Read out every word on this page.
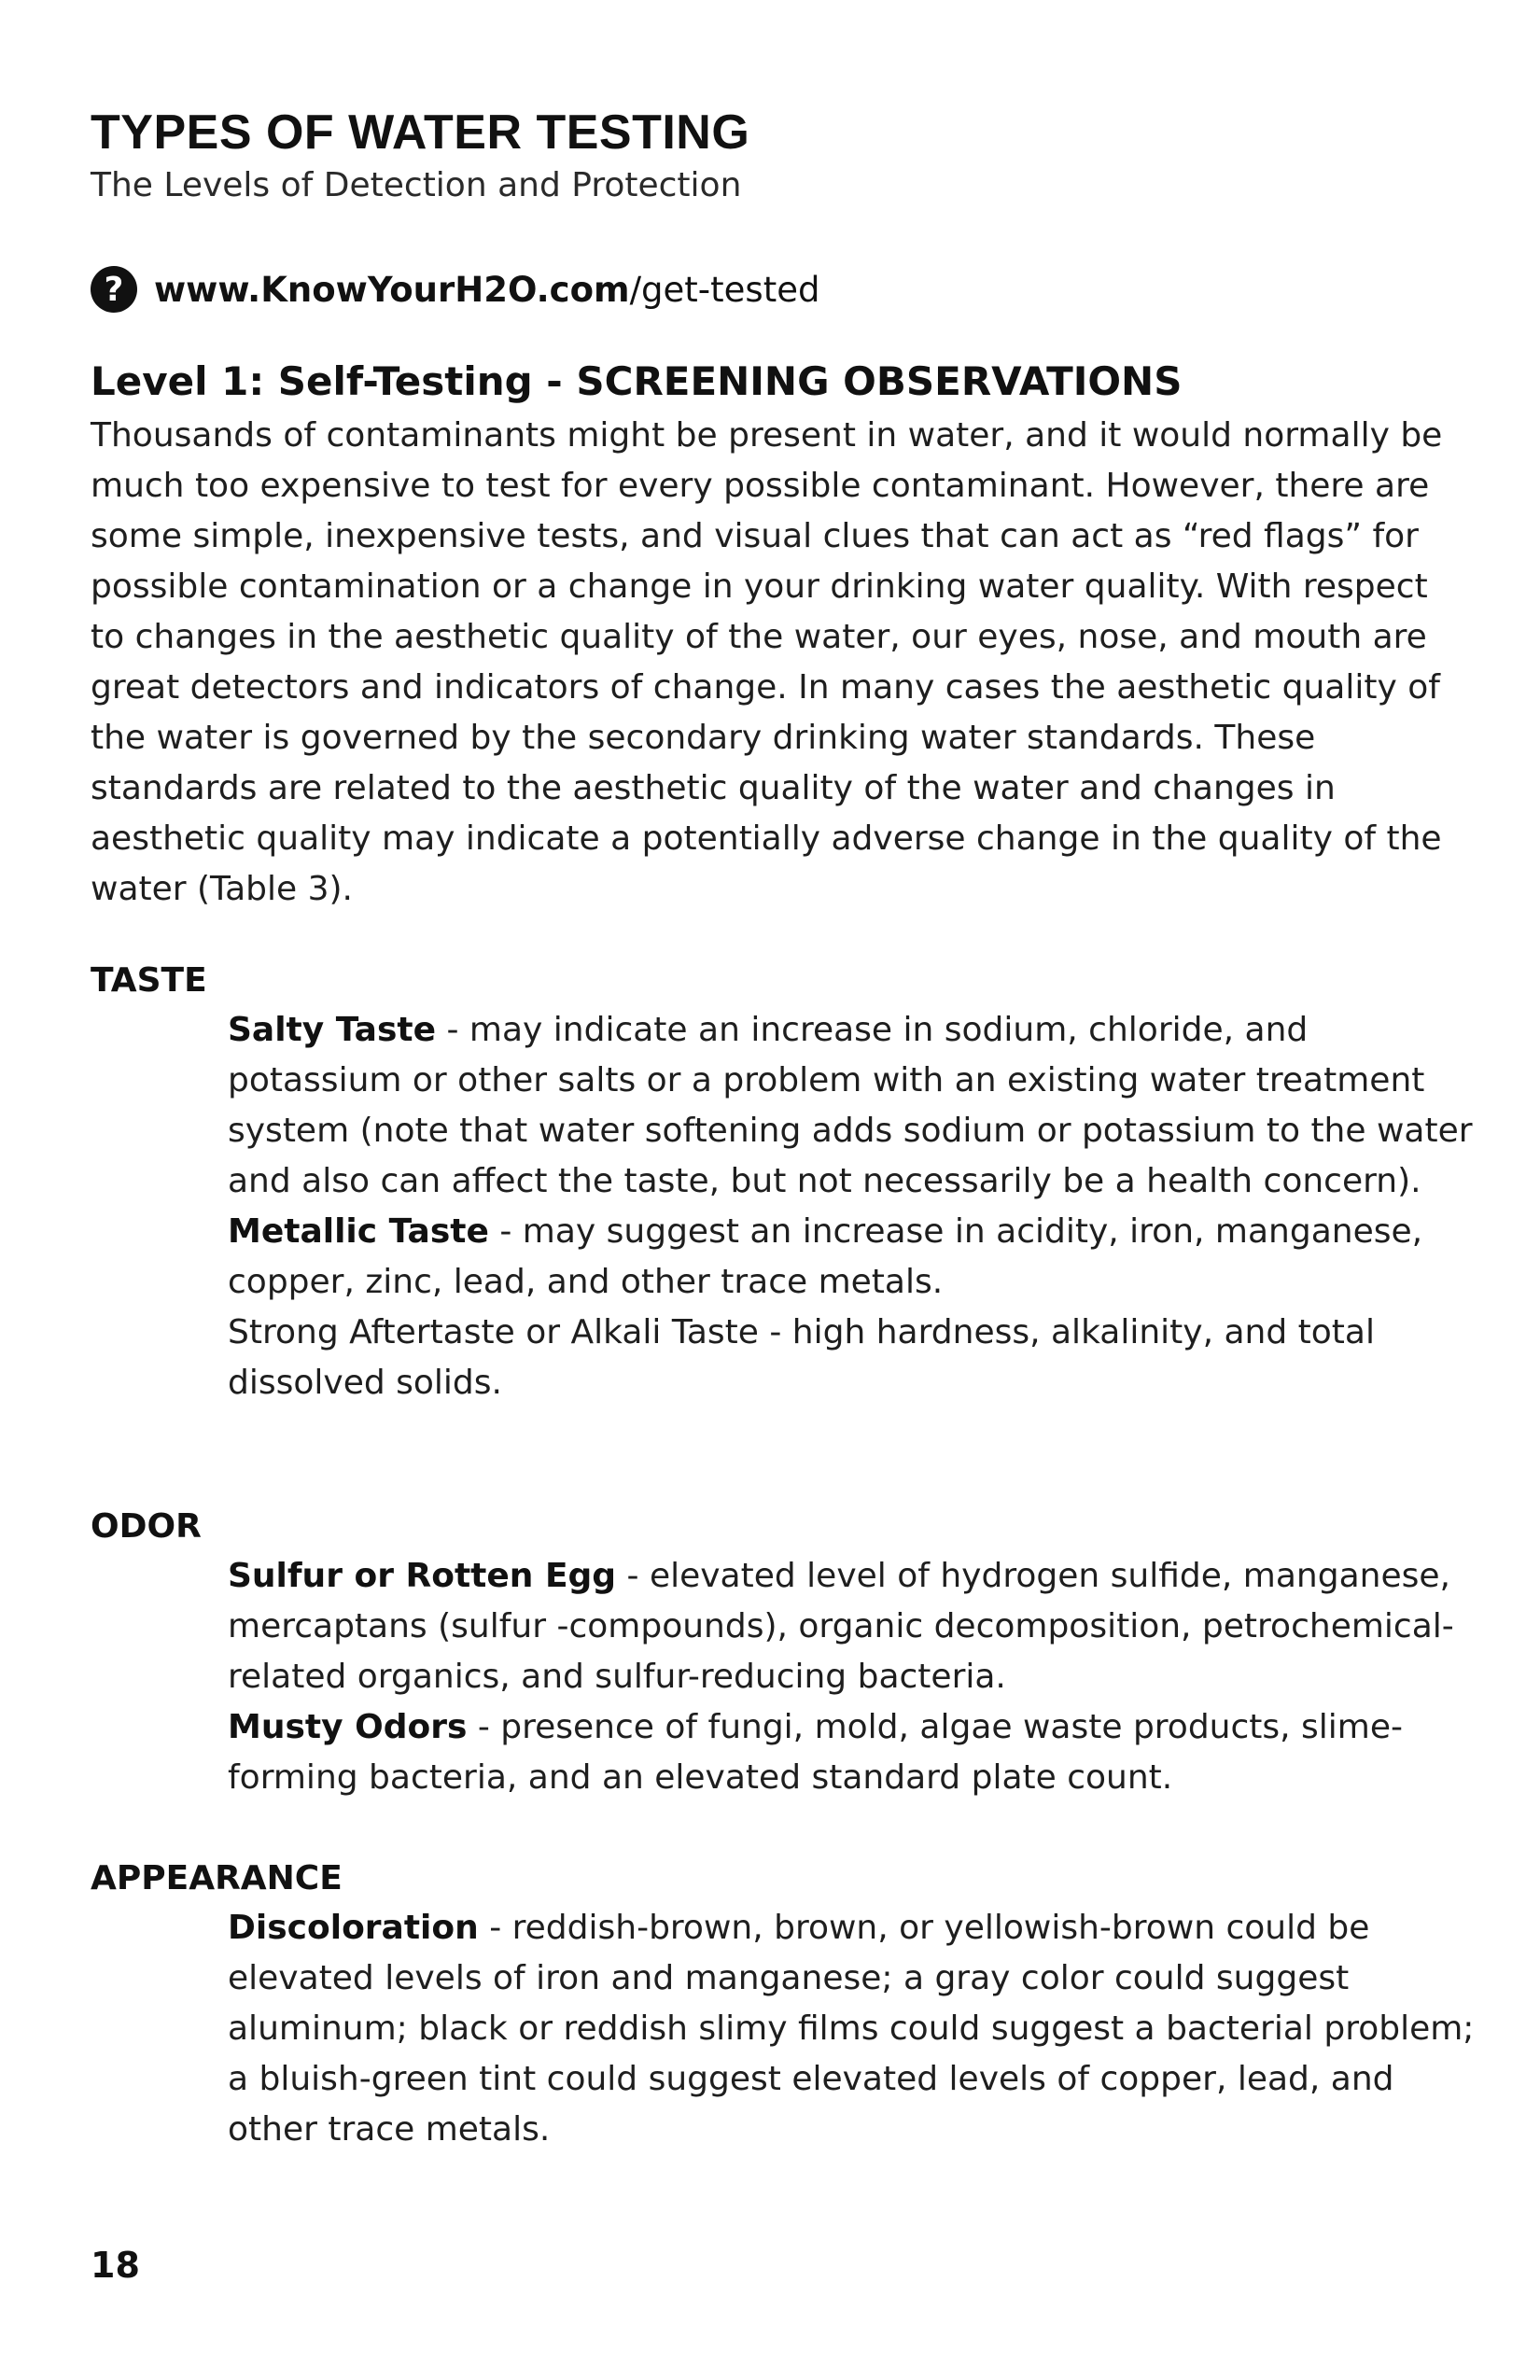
TYPES OF WATER TESTING
The Levels of Detection and Protection
? www.KnowYourH2O.com/get-tested
Level 1: Self-Testing - SCREENING OBSERVATIONS

Thousands of contaminants might be present in water, and it would normally be much too expensive to test for every possible contaminant. However, there are some simple, inexpensive tests, and visual clues that can act as “red flags” for possible contamination or a change in your drinking water quality. With respect to changes in the aesthetic quality of the water, our eyes, nose, and mouth are great detectors and indicators of change. In many cases the aesthetic quality of the water is governed by the secondary drinking water standards. These standards are related to the aesthetic quality of the water and changes in aesthetic quality may indicate a potentially adverse change in the quality of the water (Table 3).

TASTE

Salty Taste - may indicate an increase in sodium, chloride, and potassium or other salts or a problem with an existing water treatment system (note that water softening adds sodium or potassium to the water and also can affect the taste, but not necessarily be a health concern).

Metallic Taste - may suggest an increase in acidity, iron, manganese, copper, zinc, lead, and other trace metals.

Strong Aftertaste or Alkali Taste - high hardness, alkalinity, and total dissolved solids.

ODOR

Sulfur or Rotten Egg - elevated level of hydrogen sulfide, manganese, mercaptans (sulfur -compounds), organic decomposition, petrochemical-related organics, and sulfur-reducing bacteria.

Musty Odors - presence of fungi, mold, algae waste products, slime-forming bacteria, and an elevated standard plate count.

APPEARANCE

Discoloration - reddish-brown, brown, or yellowish-brown could be elevated levels of iron and manganese; a gray color could suggest aluminum; black or reddish slimy films could suggest a bacterial problem; a bluish-green tint could suggest elevated levels of copper, lead, and other trace metals.

18
